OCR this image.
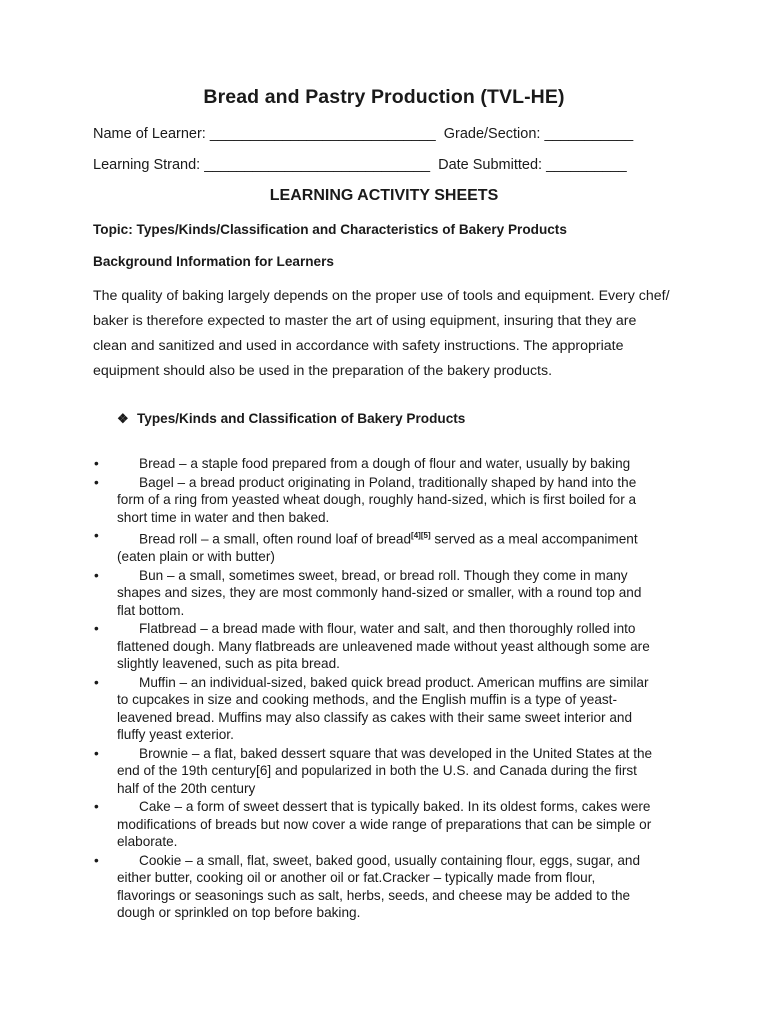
Bread and Pastry Production (TVL-HE)
Name of Learner: ____________________________  Grade/Section: ___________
Learning Strand: ____________________________  Date Submitted: __________
LEARNING ACTIVITY SHEETS
Topic: Types/Kinds/Classification and Characteristics of Bakery Products
Background Information for Learners
The quality of baking largely depends on the proper use of tools and equipment. Every chef/ baker is therefore expected to master the art of using equipment, insuring that they are clean and sanitized and used in accordance with safety instructions. The appropriate equipment should also be used in the preparation of the bakery products.
❖ Types/Kinds and Classification of Bakery Products
•	Bread – a staple food prepared from a dough of flour and water, usually by baking
•	Bagel – a bread product originating in Poland, traditionally shaped by hand into the form of a ring from yeasted wheat dough, roughly hand-sized, which is first boiled for a short time in water and then baked.
•	Bread roll – a small, often round loaf of bread[4][5] served as a meal accompaniment (eaten plain or with butter)
•	Bun – a small, sometimes sweet, bread, or bread roll. Though they come in many shapes and sizes, they are most commonly hand-sized or smaller, with a round top and flat bottom.
•	Flatbread – a bread made with flour, water and salt, and then thoroughly rolled into flattened dough. Many flatbreads are unleavened made without yeast although some are slightly leavened, such as pita bread.
•	Muffin – an individual-sized, baked quick bread product. American muffins are similar to cupcakes in size and cooking methods, and the English muffin is a type of yeast-leavened bread. Muffins may also classify as cakes with their same sweet interior and fluffy yeast exterior.
•	Brownie – a flat, baked dessert square that was developed in the United States at the end of the 19th century[6] and popularized in both the U.S. and Canada during the first half of the 20th century
•	Cake – a form of sweet dessert that is typically baked. In its oldest forms, cakes were modifications of breads but now cover a wide range of preparations that can be simple or elaborate.
•	Cookie – a small, flat, sweet, baked good, usually containing flour, eggs, sugar, and either butter, cooking oil or another oil or fat.Cracker – typically made from flour, flavorings or seasonings such as salt, herbs, seeds, and cheese may be added to the dough or sprinkled on top before baking.
